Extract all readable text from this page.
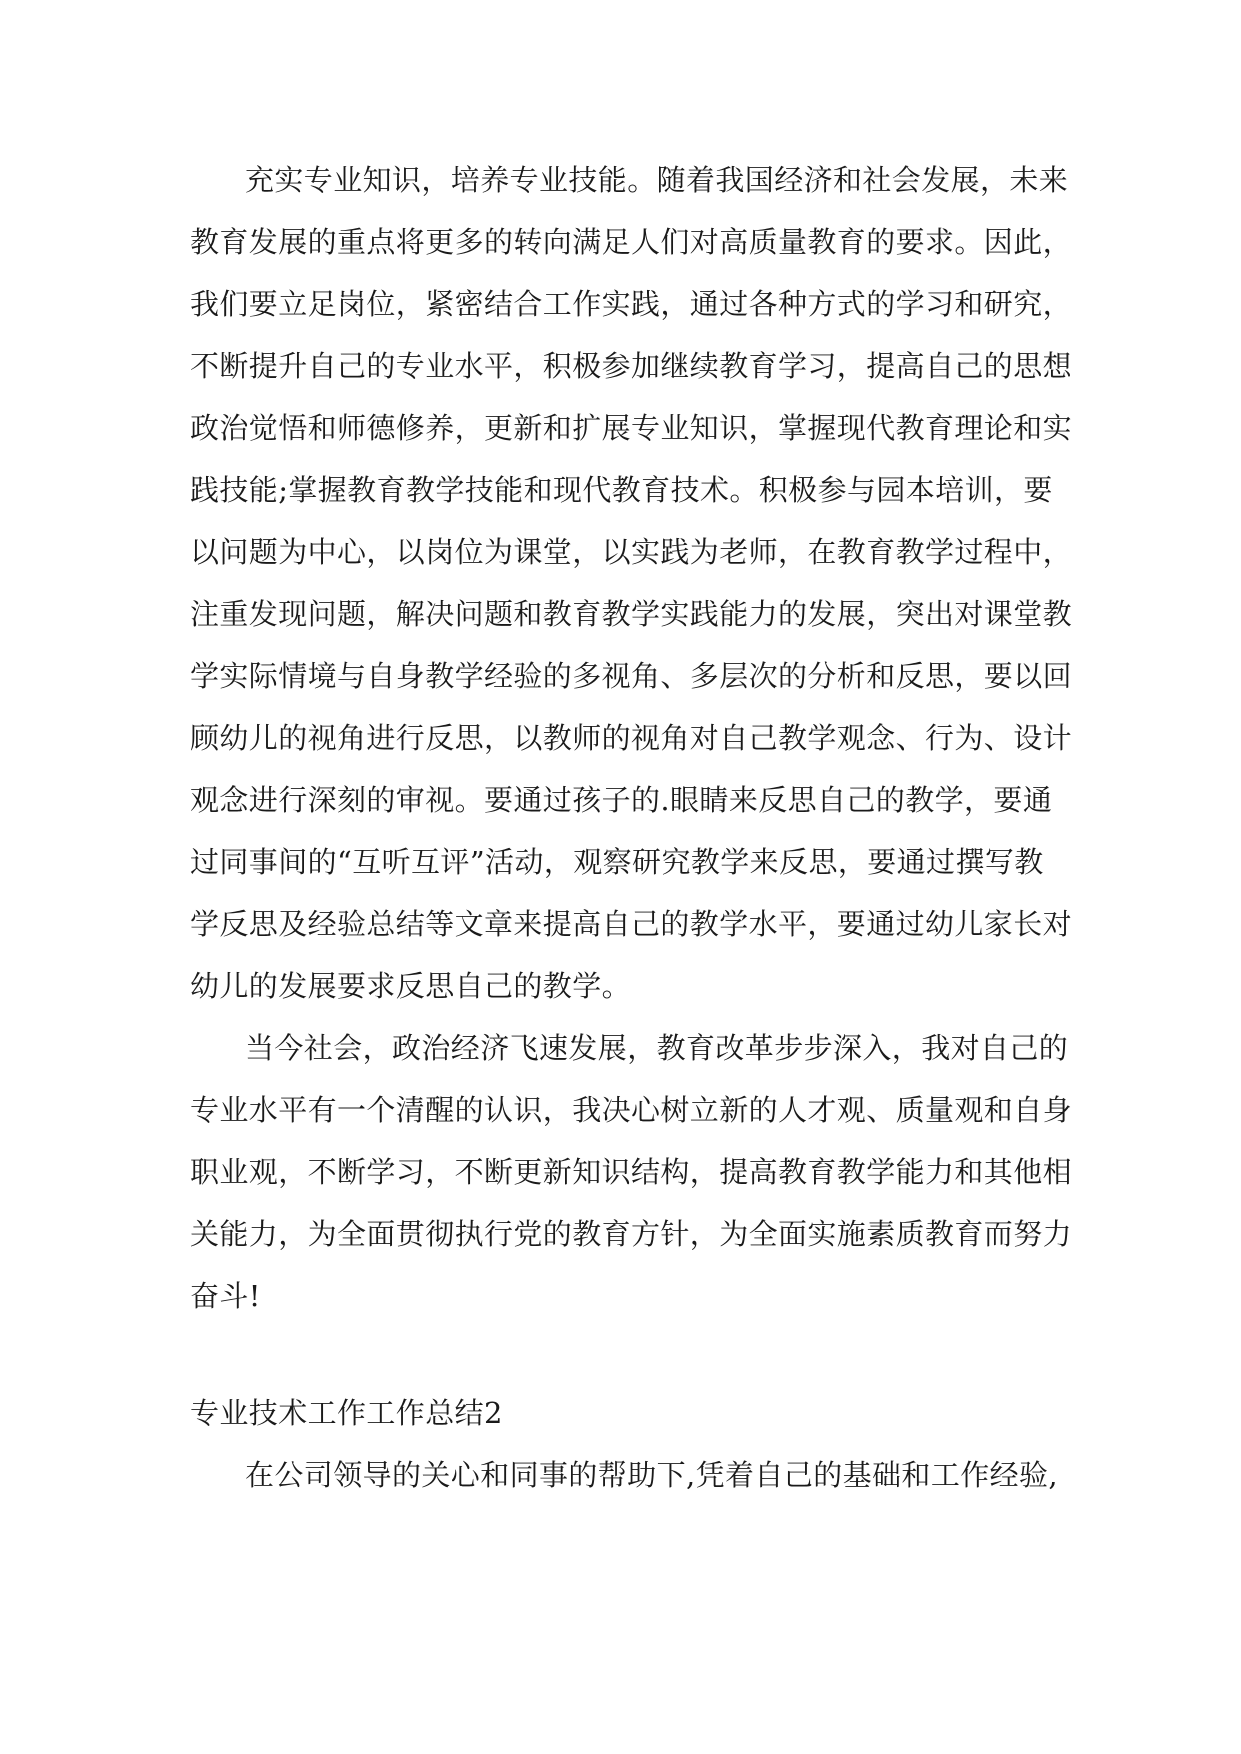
充实专业知识，培养专业技能。随着我国经济和社会发展，未来
教育发展的重点将更多的转向满足人们对高质量教育的要求。因此，
我们要立足岗位，紧密结合工作实践，通过各种方式的学习和研究，
不断提升自己的专业水平，积极参加继续教育学习，提高自己的思想
政治觉悟和师德修养，更新和扩展专业知识，掌握现代教育理论和实
践技能;掌握教育教学技能和现代教育技术。积极参与园本培训，要
以问题为中心，以岗位为课堂，以实践为老师，在教育教学过程中，
注重发现问题，解决问题和教育教学实践能力的发展，突出对课堂教
学实际情境与自身教学经验的多视角、多层次的分析和反思，要以回
顾幼儿的视角进行反思，以教师的视角对自己教学观念、行为、设计
观念进行深刻的审视。要通过孩子的.眼睛来反思自己的教学，要通
过同事间的“互听互评”活动，观察研究教学来反思，要通过撰写教
学反思及经验总结等文章来提高自己的教学水平，要通过幼儿家长对
幼儿的发展要求反思自己的教学。
当今社会，政治经济飞速发展，教育改革步步深入，我对自己的
专业水平有一个清醒的认识，我决心树立新的人才观、质量观和自身
职业观，不断学习，不断更新知识结构，提高教育教学能力和其他相
关能力，为全面贯彻执行党的教育方针，为全面实施素质教育而努力
奋斗!
专业技术工作工作总结2
在公司领导的关心和同事的帮助下,凭着自己的基础和工作经验,
